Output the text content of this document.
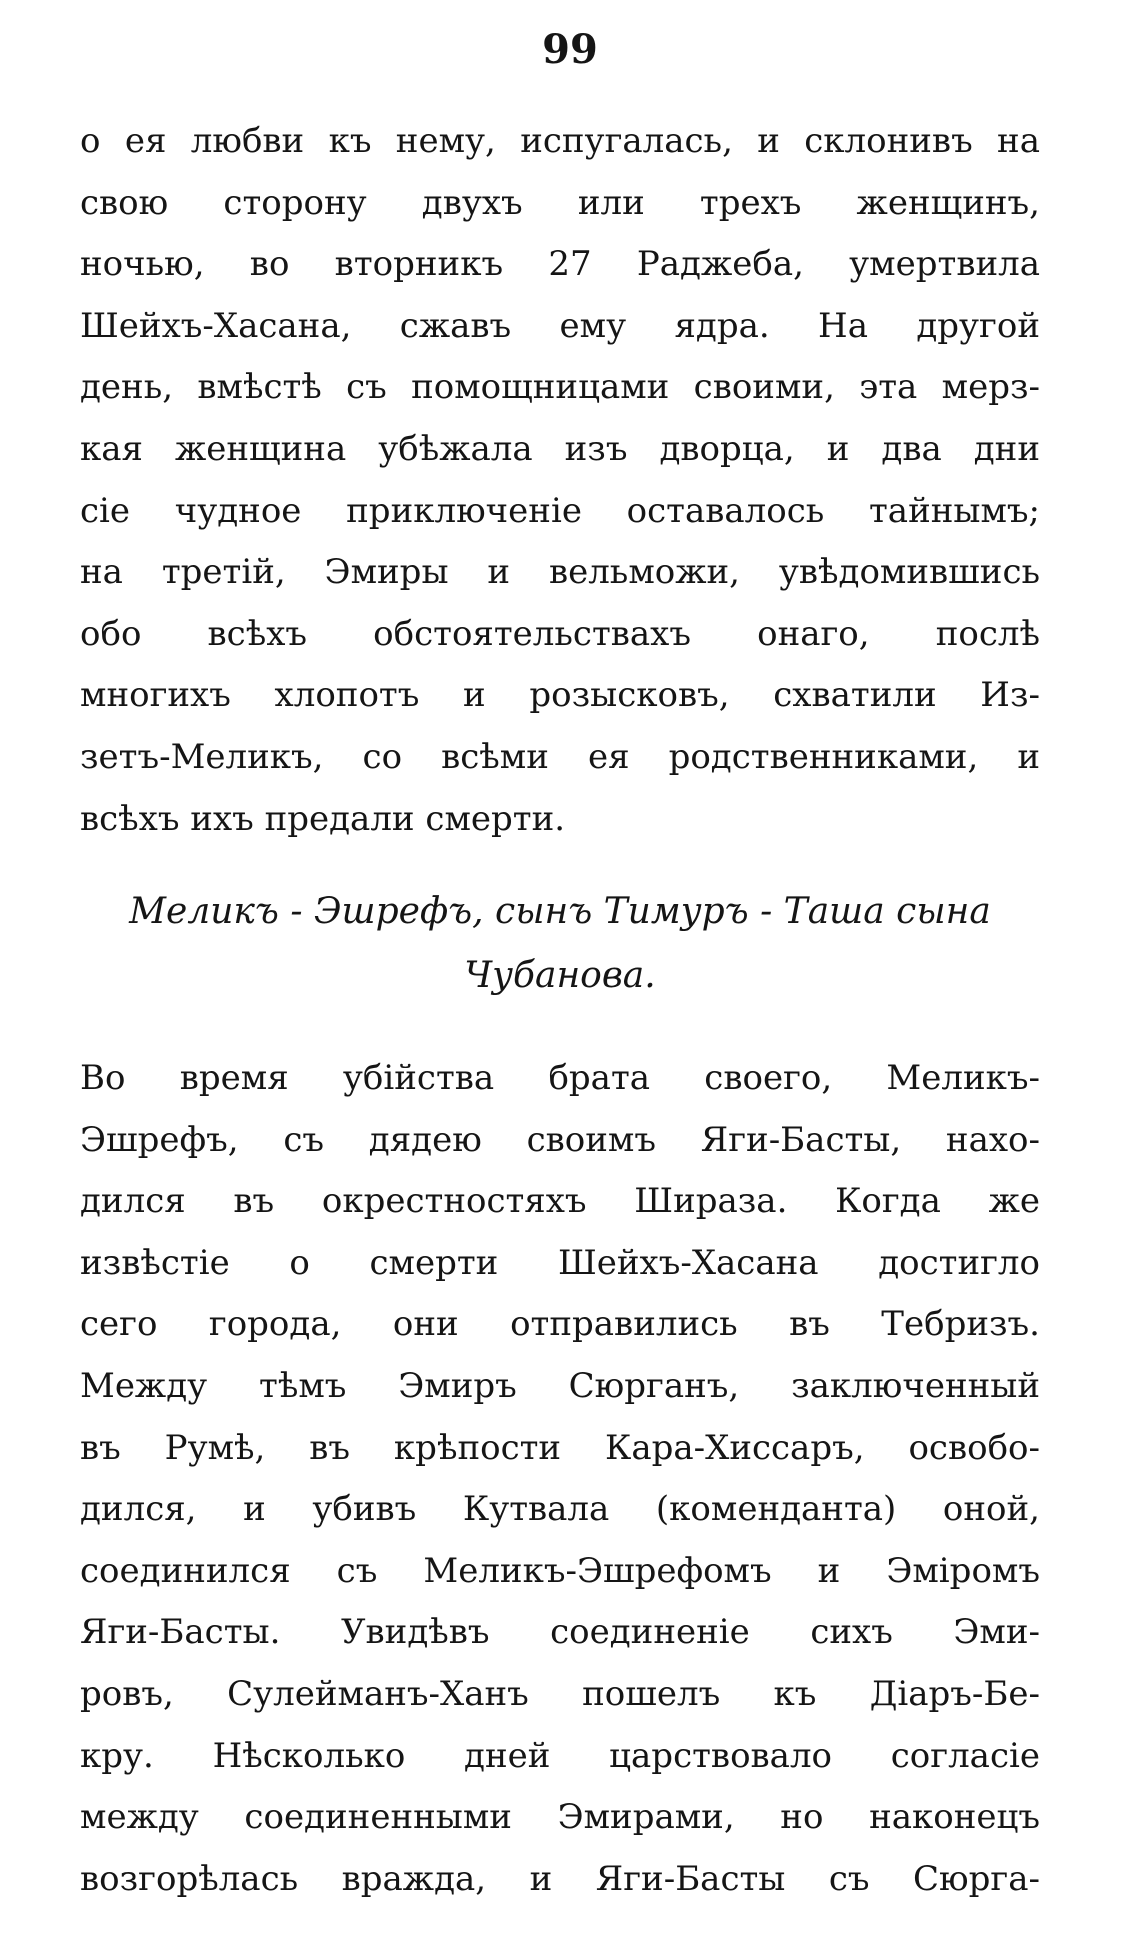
99
о ея любви къ нему, испугалась, и склонивъ на
свою сторону двухъ или трехъ женщинъ,
ночью, во вторникъ 27 Раджеба, умертвила
Шейхъ-Хасана, сжавъ ему ядра. На другой
день, вмѣстѣ съ помощницами своими, эта мерз-
кая женщина убѣжала изъ дворца, и два дни
сіе чудное приключеніе оставалось тайнымъ;
на третій, Эмиры и вельможи, увѣдомившись
обо всѣхъ обстоятельствахъ онаго, послѣ
многихъ хлопотъ и розысковъ, схватили Из-
зетъ-Меликъ, со всѣми ея родственниками, и
всѣхъ ихъ предали смерти.
Меликъ - Эшрефъ, сынъ Тимуръ - Таша сына
Чубанова.
Во время убійства брата своего, Меликъ-
Эшрефъ, съ дядею своимъ Яги-Басты, нахо-
дился въ окрестностяхъ Шираза. Когда же
извѣстіе о смерти Шейхъ-Хасана достигло
сего города, они отправились въ Тебризъ.
Между тѣмъ Эмиръ Сюрганъ, заключенный
въ Румѣ, въ крѣпости Кара-Хиссаръ, освобо-
дился, и убивъ Кутвала (коменданта) оной,
соединился съ Меликъ-Эшрефомъ и Эміромъ
Яги-Басты. Увидѣвъ соединеніе сихъ Эми-
ровъ, Сулейманъ-Ханъ пошелъ къ Діаръ-Бе-
кру. Нѣсколько дней царствовало согласіе
между соединенными Эмирами, но наконецъ
возгорѣлась вражда, и Яги-Басты съ Сюрга-
